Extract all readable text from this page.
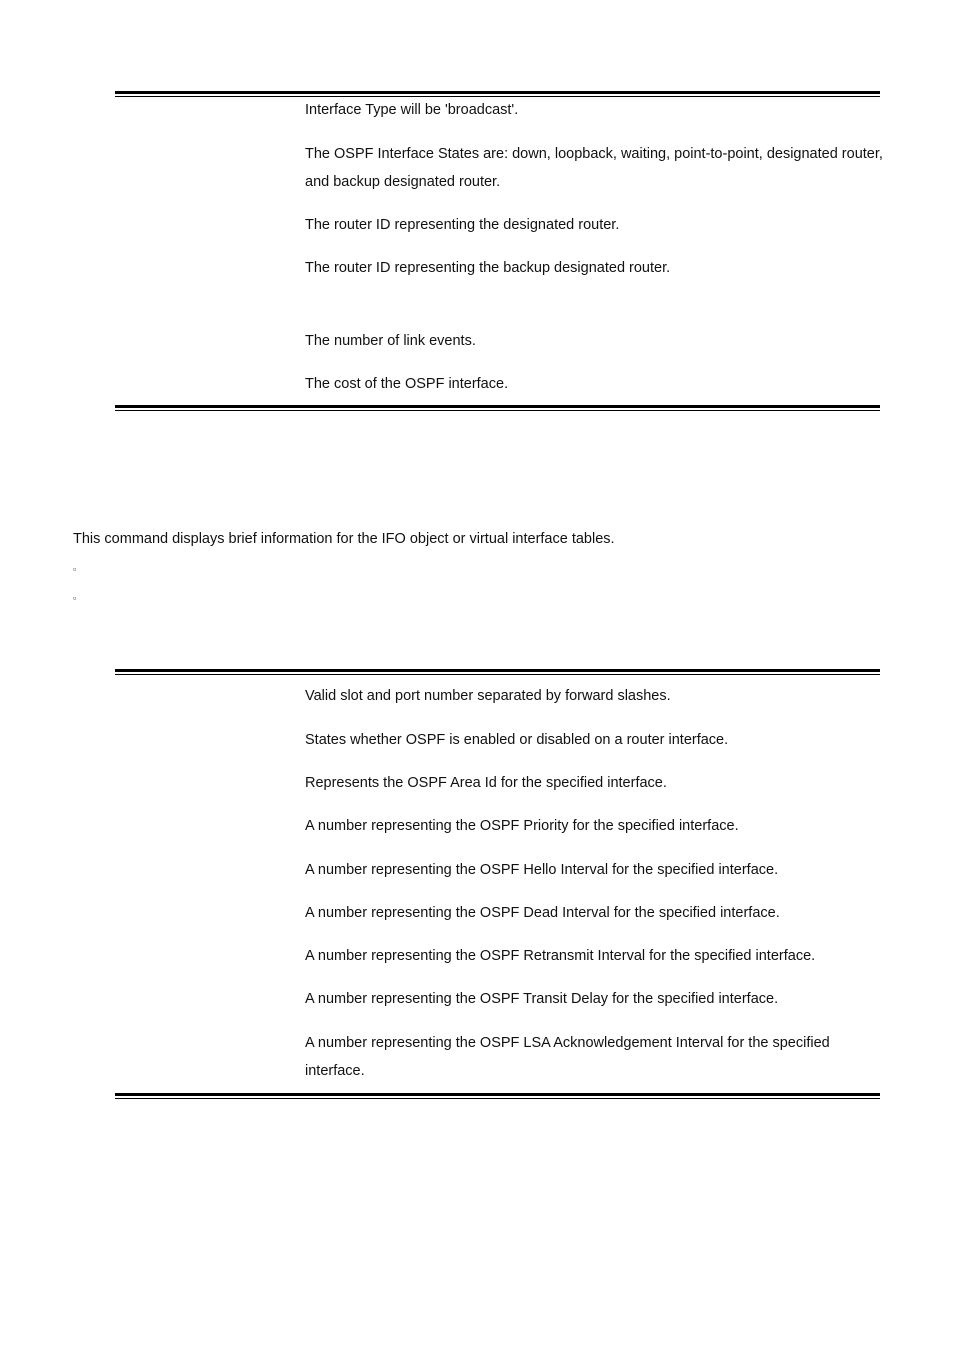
Interface Type will be 'broadcast'.
The OSPF Interface States are: down, loopback, waiting, point-to-point, designated router, and backup designated router.
The router ID representing the designated router.
The router ID representing the backup designated router.
The number of link events.
The cost of the OSPF interface.
This command displays brief information for the IFO object or virtual interface tables.
▫
▫
Valid slot and port number separated by forward slashes.
States whether OSPF is enabled or disabled on a router interface.
Represents the OSPF Area Id for the specified interface.
A number representing the OSPF Priority for the specified interface.
A number representing the OSPF Hello Interval for the specified interface.
A number representing the OSPF Dead Interval for the specified interface.
A number representing the OSPF Retransmit Interval for the specified interface.
A number representing the OSPF Transit Delay for the specified interface.
A number representing the OSPF LSA Acknowledgement Interval for the specified interface.
